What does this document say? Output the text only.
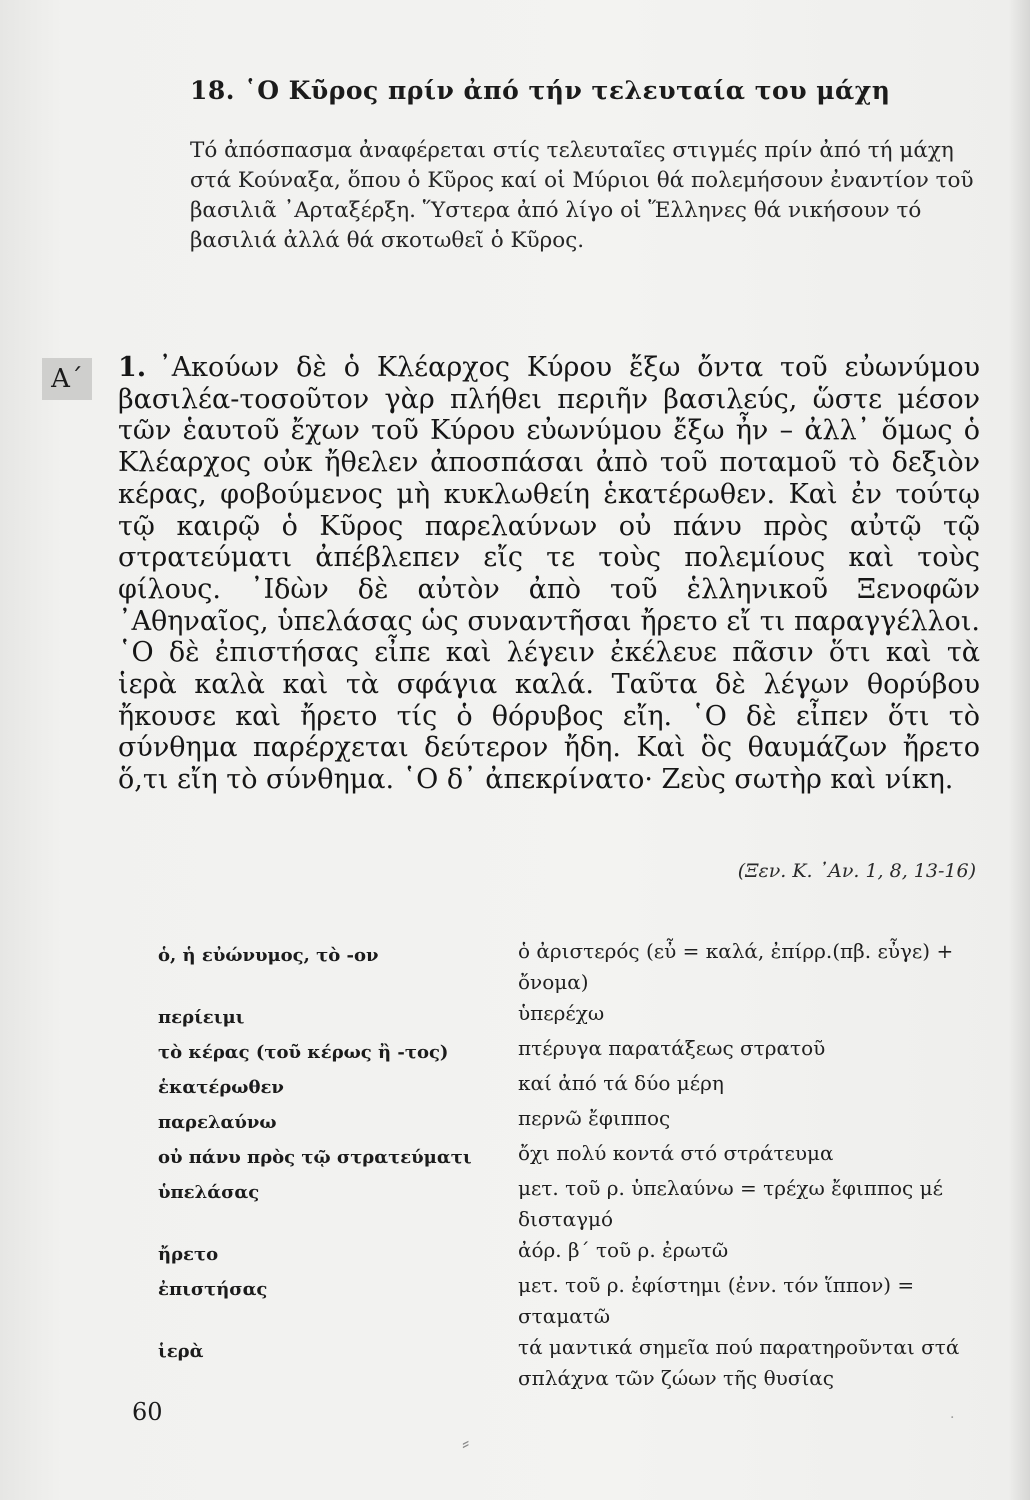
18. ῾Ο Κῦρος πρίν ἀπό τήν τελευταία του μάχη

Τό ἀπόσπασμα ἀναφέρεται στίς τελευταῖες στιγμές πρίν ἀπό τή μάχη στά Κούναξα, ὅπου ὁ Κῦρος καί οἱ Μύριοι θά πολεμήσουν ἐναντίον τοῦ βασιλιᾶ ᾿Αρταξέρξη. Ὕστερα ἀπό λίγο οἱ Ἕλληνες θά νικήσουν τό βασιλιά ἀλλά θά σκοτωθεῖ ὁ Κῦρος.

Α΄	1. ᾿Ακούων δὲ ὁ Κλέαρχος Κύρου ἔξω ὄντα τοῦ εὐωνύμου βασιλέα-τοσοῦτον γὰρ πλήθει περιῆν βασιλεύς, ὥστε μέσον τῶν ἑαυτοῦ ἔχων τοῦ Κύρου εὐωνύμου ἔξω ἦν – ἀλλ᾿ ὅμως ὁ Κλέαρχος οὐκ ἤθελεν ἀποσπάσαι ἀπὸ τοῦ ποταμοῦ τὸ δεξιὸν κέρας, φοβούμενος μὴ κυκλωθείη ἑκατέρωθεν. Καὶ ἐν τούτῳ τῷ καιρῷ ὁ Κῦρος παρελαύνων οὐ πάνυ πρὸς αὐτῷ τῷ στρατεύματι ἀπέβλεπεν εἴς τε τοὺς πολεμίους καὶ τοὺς φίλους. ᾿Ιδὼν δὲ αὐτὸν ἀπὸ τοῦ ἑλληνικοῦ Ξενοφῶν ᾿Αθηναῖος, ὑπελάσας ὡς συναντῆσαι ἤρετο εἴ τι παραγγέλλοι. ῾Ο δὲ ἐπιστήσας εἶπε καὶ λέγειν ἐκέλευε πᾶσιν ὅτι καὶ τὰ ἱερὰ καλὰ καὶ τὰ σφάγια καλά. Ταῦτα δὲ λέγων θορύβου ἤκουσε καὶ ἤρετο τίς ὁ θόρυβος εἴη. ῾Ο δὲ εἶπεν ὅτι τὸ σύνθημα παρέρχεται δεύτερον ἤδη. Καὶ ὃς θαυμάζων ἤρετο ὅ,τι εἴη τὸ σύνθημα. ῾Ο δ᾿ ἀπεκρίνατο· Ζεὺς σωτὴρ καὶ νίκη.
(Ξεν. Κ. ᾿Αν. 1, 8, 13-16)
ὁ, ἡ εὐώνυμος, τὸ -ον	ὁ ἀριστερός (εὖ = καλά, ἐπίρρ.(πβ. εὖγε) + ὄνομα)
περίειμι	ὑπερέχω
τὸ κέρας (τοῦ κέρως ἢ -τος)	πτέρυγα παρατάξεως στρατοῦ
ἑκατέρωθεν	καί ἀπό τά δύο μέρη
παρελαύνω	περνῶ ἔφιππος
οὐ πάνυ πρὸς τῷ στρατεύματι	ὄχι πολύ κοντά στό στράτευμα
ὑπελάσας	μετ. τοῦ ρ. ὑπελαύνω = τρέχω ἔφιππος μέ δισταγμό
ἤρετο	ἀόρ. β΄ τοῦ ρ. ἐρωτῶ
ἐπιστήσας	μετ. τοῦ ρ. ἐφίστημι (ἐνν. τόν ἵππον) = σταματῶ
ἱερὰ	τά μαντικά σημεῖα πού παρατηροῦνται στά σπλάχνα τῶν ζώων τῆς θυσίας
60
⸗
·
